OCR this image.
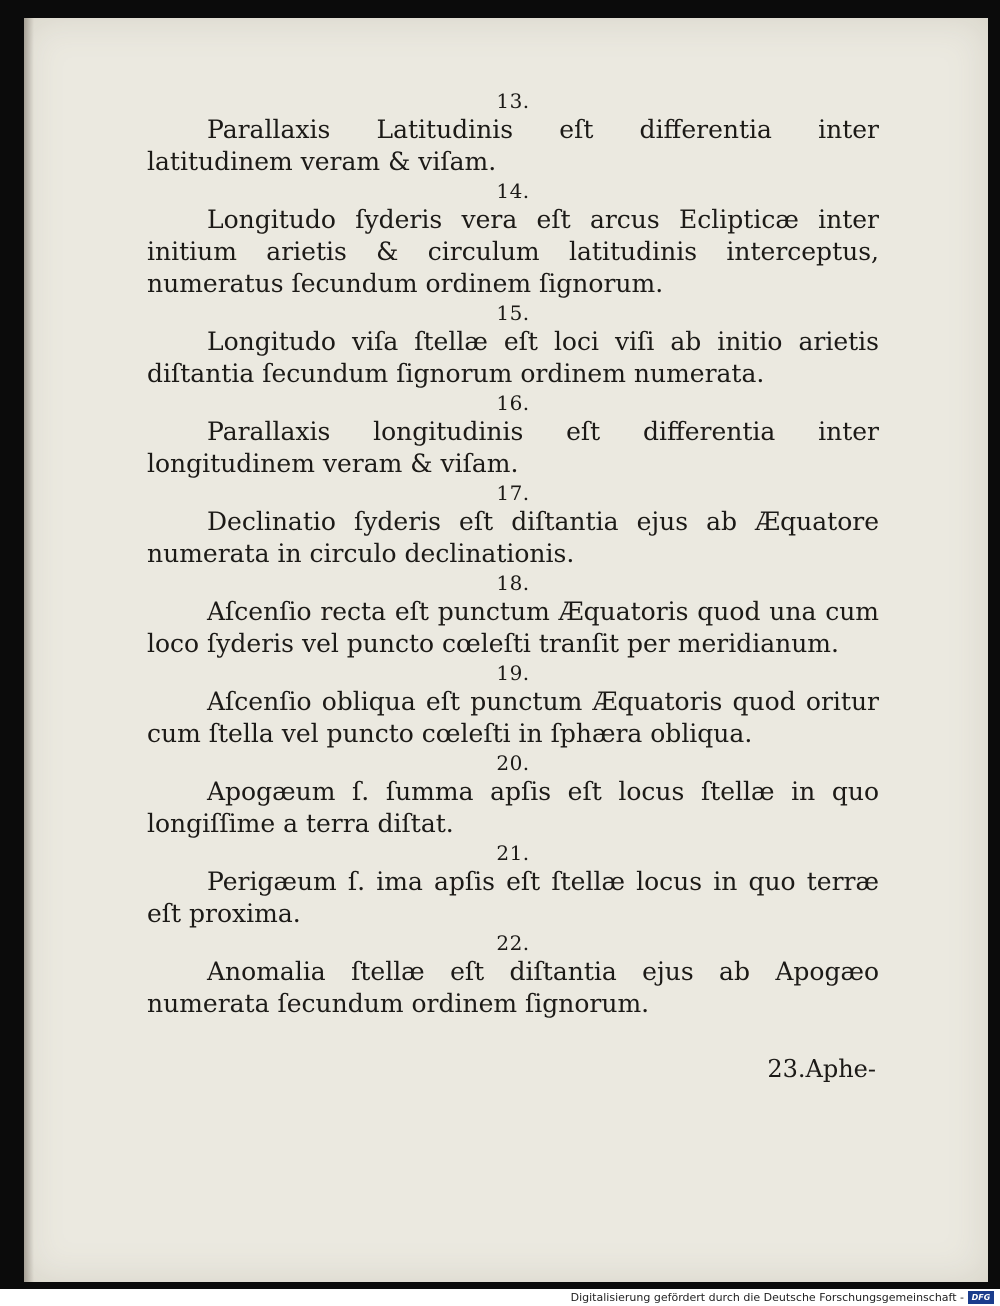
13.

Parallaxis Latitudinis eſt differentia inter latitudinem veram & viſam.

14.

Longitudo ſyderis vera eſt arcus Eclipticæ inter initium arietis & circulum latitudinis interceptus, numeratus ſecundum ordinem ſignorum.

15.

Longitudo viſa ſtellæ eſt loci viſi ab initio arietis diſtantia ſecundum ſignorum ordinem numerata.

16.

Parallaxis longitudinis eſt differentia inter longitudinem veram & viſam.

17.

Declinatio ſyderis eſt diſtantia ejus ab Æquatore numerata in circulo declinationis.

18.

Aſcenſio recta eſt punctum Æquatoris quod una cum loco ſyderis vel puncto cœleſti tranſit per meridianum.

19.

Aſcenſio obliqua eſt punctum Æquatoris quod oritur cum ſtella vel puncto cœleſti in ſphæra obliqua.

20.

Apogæum ſ. ſumma apſis eſt locus ſtellæ in quo longiſſime a terra diſtat.

21.

Perigæum ſ. ima apſis eſt ſtellæ locus in quo terræ eſt proxima.

22.

Anomalia ſtellæ eſt diſtantia ejus ab Apogæo numerata ſecundum ordinem ſignorum.

23.Aphe-
Digitalisierung gefördert durch die Deutsche Forschungsgemeinschaft - DFG
